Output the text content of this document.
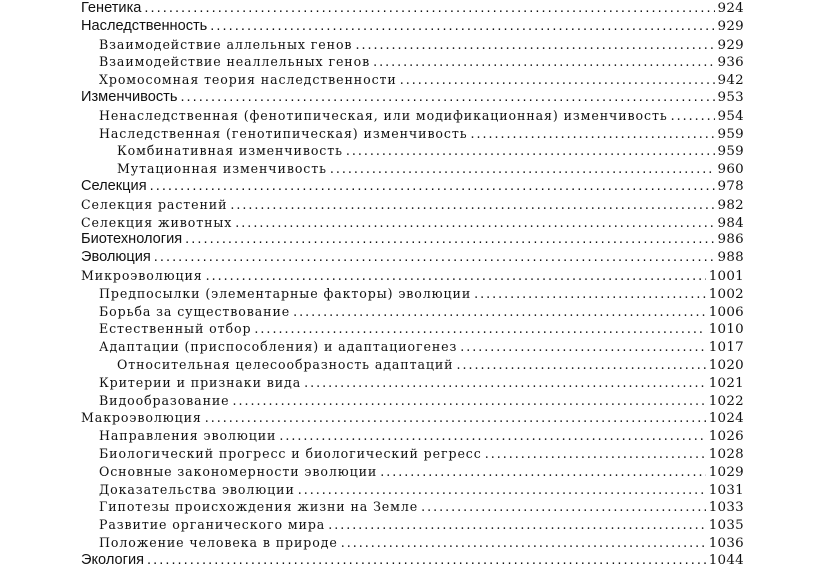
Генетика . . .	924
Наследственность . . .	929
Взаимодействие аллельных генов . . .	929
Взаимодействие неаллельных генов . . .	936
Хромосомная теория наследственности . . .	942
Изменчивость . . .	953
Ненаследственная (фенотипическая, или модификационная) изменчивость . . .	954
Наследственная (генотипическая) изменчивость . . .	959
Комбинативная изменчивость . . .	959
Мутационная изменчивость . . .	960
Селекция . . .	978
Селекция растений . . .	982
Селекция животных . . .	984
Биотехнология . . .	986
Эволюция . . .	988
Микроэволюция . . .	1001
Предпосылки (элементарные факторы) эволюции . . .	1002
Борьба за существование . . .	1006
Естественный отбор . . .	1010
Адаптации (приспособления) и адаптациогенез . . .	1017
Относительная целесообразность адаптаций . . .	1020
Критерии и признаки вида . . .	1021
Видообразование . . .	1022
Макроэволюция . . .	1024
Направления эволюции . . .	1026
Биологический прогресс и биологический регресс . . .	1028
Основные закономерности эволюции . . .	1029
Доказательства эволюции . . .	1031
Гипотезы происхождения жизни на Земле . . .	1033
Развитие органического мира . . .	1035
Положение человека в природе . . .	1036
Экология . . .	1044
